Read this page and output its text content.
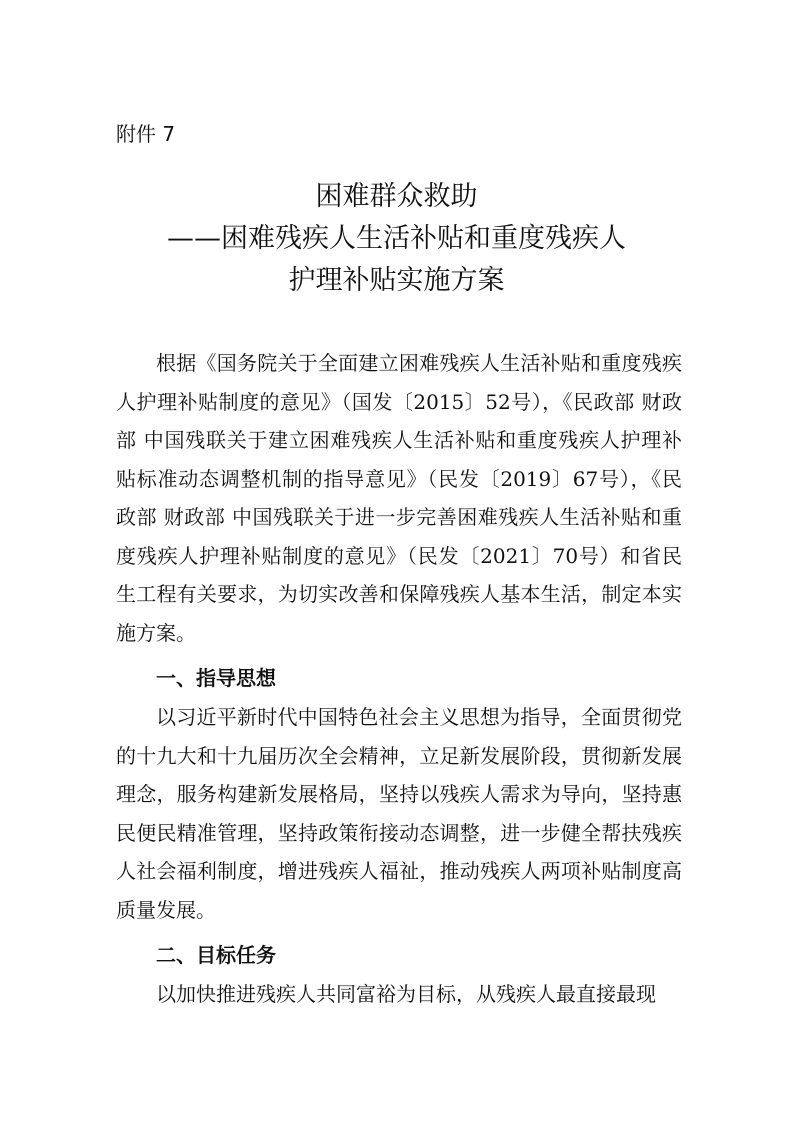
附件 7
困难群众救助
——困难残疾人生活补贴和重度残疾人
护理补贴实施方案

根据《国务院关于全面建立困难残疾人生活补贴和重度残疾人护理补贴制度的意见》（国发〔2015〕52号），《民政部 财政部 中国残联关于建立困难残疾人生活补贴和重度残疾人护理补贴标准动态调整机制的指导意见》（民发〔2019〕67号），《民政部 财政部 中国残联关于进一步完善困难残疾人生活补贴和重度残疾人护理补贴制度的意见》（民发〔2021〕70号）和省民生工程有关要求，为切实改善和保障残疾人基本生活，制定本实施方案。

一、指导思想

以习近平新时代中国特色社会主义思想为指导，全面贯彻党的十九大和十九届历次全会精神，立足新发展阶段，贯彻新发展理念，服务构建新发展格局，坚持以残疾人需求为导向，坚持惠民便民精准管理，坚持政策衔接动态调整，进一步健全帮扶残疾人社会福利制度，增进残疾人福祉，推动残疾人两项补贴制度高质量发展。

二、目标任务

以加快推进残疾人共同富裕为目标，从残疾人最直接最现
